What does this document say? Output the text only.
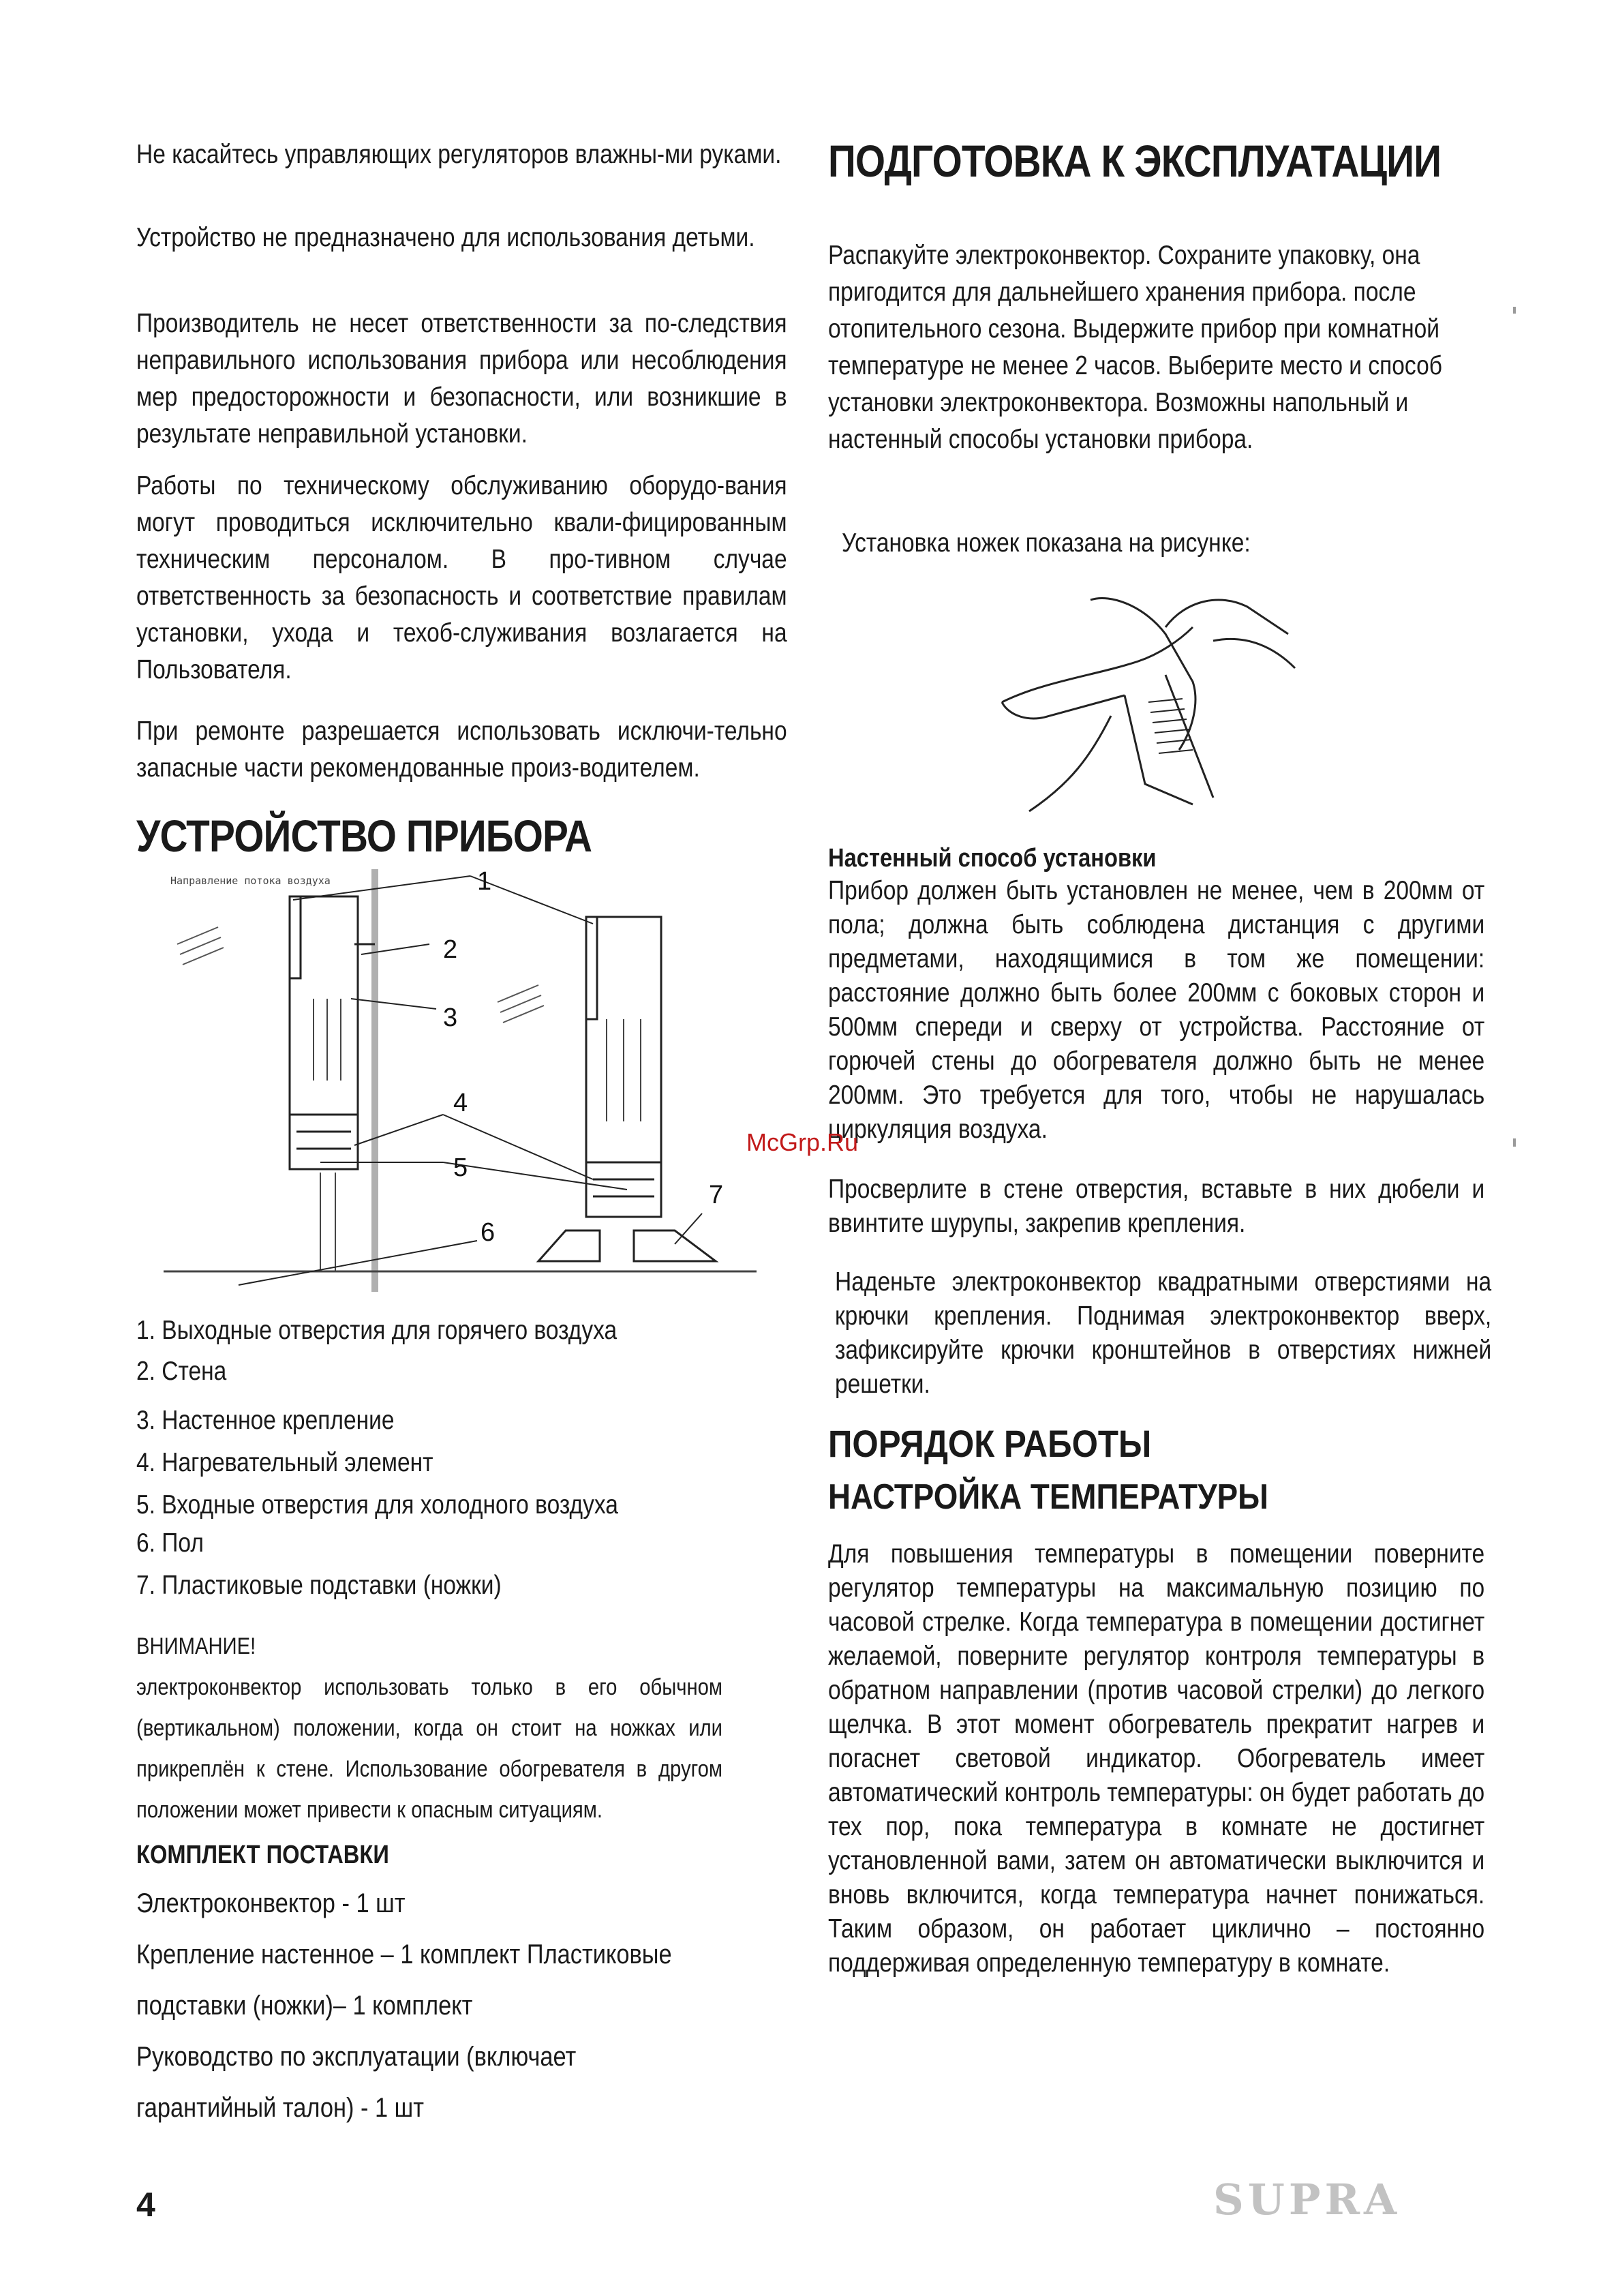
Не касайтесь управляющих регуляторов влажны-ми руками.

Устройство не предназначено для использования детьми.

Производитель не несет ответственности за по-следствия неправильного использования прибора или несоблюдения мер предосторожности и безопасности, или возникшие в результате неправильной установки.

Работы по техническому обслуживанию оборудо-вания могут проводиться исключительно квали-фицированным техническим персоналом. В про-тивном случае ответственность за безопасность и соответствие правилам установки, ухода и техоб-служивания возлагается на Пользователя.

При ремонте разрешается использовать исключи-тельно запасные части рекомендованные произ-водителем.

УСТРОЙСТВО ПРИБОРА
Направление потока воздуха	1
2
3
4
5
6
7
1. Выходные отверстия для горячего воздуха
2. Стена
3. Настенное крепление
4. Нагревательный элемент
5. Входные отверстия для холодного воздуха
6. Пол
7. Пластиковые подставки (ножки)

ВНИМАНИЕ!

электроконвектор использовать только в его обычном (вертикальном) положении, когда он стоит на ножках или прикреплён к стене. Использование обогревателя в другом положении может привести к опасным ситуациям.

КОМПЛЕКТ ПОСТАВКИ

Электроконвектор - 1 шт

Крепление настенное – 1 комплект Пластиковые

подставки (ножки)– 1 комплект

Руководство по эксплуатации (включает

гарантийный талон) - 1 шт

ПОДГОТОВКА К ЭКСПЛУАТАЦИИ

Распакуйте электроконвектор. Сохраните упаковку, она пригодится для дальнейшего хранения прибора. после отопительного сезона. Выдержите прибор при комнатной температуре не менее 2 часов. Выберите место и способ установки электроконвектора. Возможны напольный и настенный способы установки прибора.

Установка ножек показана на рисунке:

Настенный способ установки

Прибор должен быть установлен не менее, чем в 200мм от пола; должна быть соблюдена дистанция с другими предметами, находящимися в том же помещении: расстояние должно быть более 200мм с боковых сторон и 500мм спереди и сверху от устройства. Расстояние от горючей стены до обогревателя должно быть не менее 200мм. Это требуется для того, чтобы не нарушалась циркуляция воздуха.

Просверлите в стене отверстия, вставьте в них дюбели и ввинтите шурупы, закрепив крепления.

Наденьте электроконвектор квадратными отверстиями на крючки крепления. Поднимая электроконвектор вверх, зафиксируйте крючки кронштейнов в отверстиях нижней решетки.

ПОРЯДОК РАБОТЫ
НАСТРОЙКА ТЕМПЕРАТУРЫ

Для повышения температуры в помещении поверните регулятор температуры на максимальную позицию по часовой стрелке. Когда температура в помещении достигнет желаемой, поверните регулятор контроля температуры в обратном направлении (против часовой стрелки) до легкого щелчка. В этот момент обогреватель прекратит нагрев и погаснет световой индикатор. Обогреватель имеет автоматический контроль температуры: он будет работать до тех пор, пока температура в комнате не достигнет установленной вами, затем он автоматически выключится и вновь включится, когда температура начнет понижаться. Таким образом, он работает циклично – постоянно поддерживая определенную температуру в комнате.

McGrp.Ru
4	SUPRA
